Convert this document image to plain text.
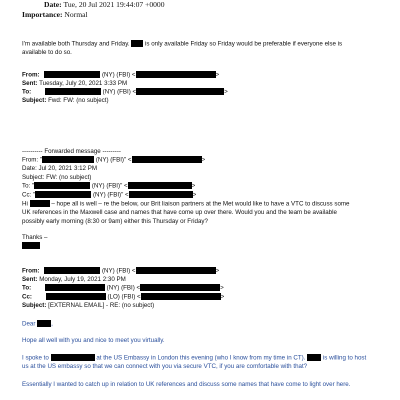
Date: Tue, 20 Jul 2021 19:44:07 +0000
Importance: Normal
I'm available both Thursday and Friday. is only available Friday so Friday would be preferable if everyone else is
available to do so.
From:	(NY) (FBI) <	>
Sent: Tuesday, July 20, 2021 3:33 PM
To:	(NY) (FBI) <	>
Subject: Fwd: FW: (no subject)
---------- Forwarded message ---------
From: "	(NY) (FBI)" <	>
Date: Jul 20, 2021 3:12 PM
Subject: FW: (no subject)
To: "	(NY) (FBI)" <	>
Cc: "	(NY) (FBI)" <	>
Hi	– hope all is well – re the below, our Brit liaison partners at the Met would like to have a VTC to discuss some
UK references in the Maxwell case and names that have come up over there. Would you and the team be available
possibly early morning (8:30 or 9am) either this Thursday or Friday?
Thanks –
From:	(NY) (FBI) <	>
Sent: Monday, July 19, 2021 2:30 PM
To:	(NY) (FBI) <	>
Cc:	(LO) (FBI) <	>
Subject: [EXTERNAL EMAIL] - RE: (no subject)
Dear	,
Hope all well with you and nice to meet you virtually.
I spoke to	at the US Embassy in London this evening (who I know from my time in CT).	is willing to host
us at the US embassy so that we can connect with you via secure VTC, if you are comfortable with that?
Essentially I wanted to catch up in relation to UK references and discuss some names that have come to light over here.
